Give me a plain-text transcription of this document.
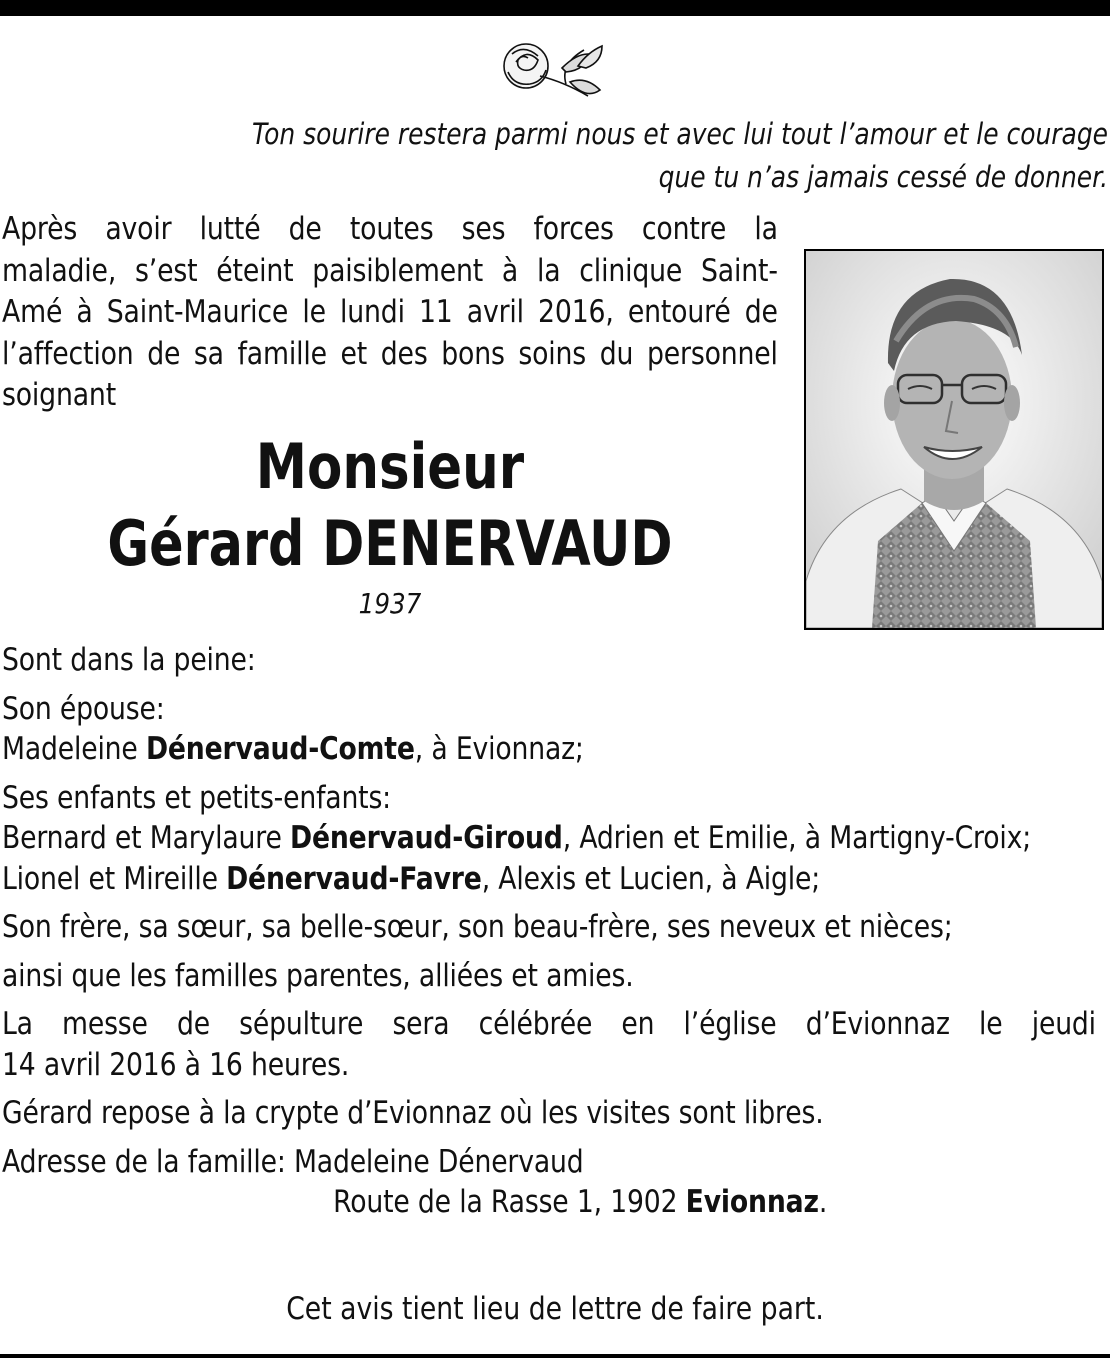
Ton sourire restera parmi nous et avec lui tout l’amour et le courage
que tu n’as jamais cessé de donner.
Après avoir lutté de toutes ses forces contre la
maladie, s’est éteint paisiblement à la clinique Saint-
Amé à Saint-Maurice le lundi 11 avril 2016, entouré de
l’affection de sa famille et des bons soins du personnel
soignant
Monsieur
Gérard DENERVAUD
1937
Sont dans la peine:
Son épouse:
Madeleine Dénervaud-Comte, à Evionnaz;
Ses enfants et petits-enfants:
Bernard et Marylaure Dénervaud-Giroud, Adrien et Emilie, à Martigny-Croix;
Lionel et Mireille Dénervaud-Favre, Alexis et Lucien, à Aigle;
Son frère, sa sœur, sa belle-sœur, son beau-frère, ses neveux et nièces;
ainsi que les familles parentes, alliées et amies.
La messe de sépulture sera célébrée en l’église d’Evionnaz le jeudi
14 avril 2016 à 16 heures.
Gérard repose à la crypte d’Evionnaz où les visites sont libres.
Adresse de la famille: Madeleine Dénervaud
Route de la Rasse 1, 1902 Evionnaz.
Cet avis tient lieu de lettre de faire part.
